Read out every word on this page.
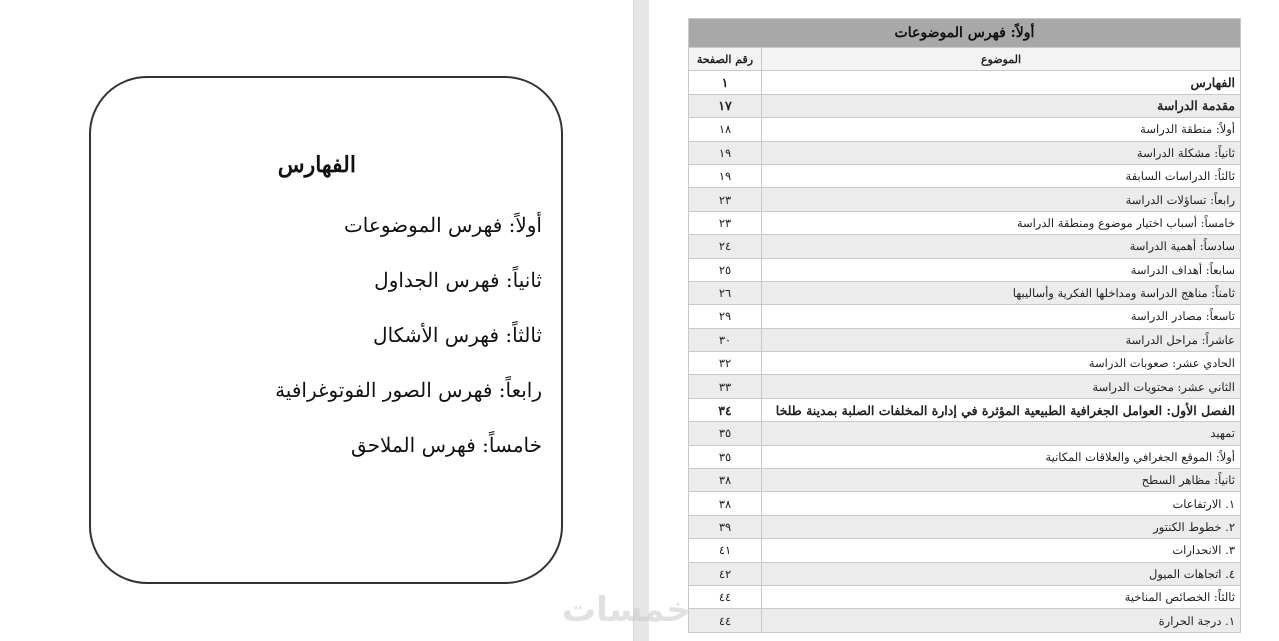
الفهارس
أولاً: فهرس الموضوعات
ثانياً: فهرس الجداول
ثالثاً: فهرس الأشكال
رابعاً: فهرس الصور الفوتوغرافية
خامساً: فهرس الملاحق
أولاً: فهرس الموضوعات	
الموضوع	رقم الصفحة
الفهارس	١
مقدمة الدراسة	١٧
أولاً: منطقة الدراسة	١٨
ثانياً: مشكلة الدراسة	١٩
ثالثاً: الدراسات السابقة	١٩
رابعاً: تساؤلات الدراسة	٢٣
خامساً: أسباب اختيار موضوع ومنطقة الدراسة	٢٣
سادساً: أهمية الدراسة	٢٤
سابعاً: أهداف الدراسة	٢٥
ثامناً: مناهج الدراسة ومداخلها الفكرية وأساليبها	٢٦
تاسعاً: مصادر الدراسة	٢٩
عاشراً: مراحل الدراسة	٣٠
الحادي عشر: صعوبات الدراسة	٣٢
الثاني عشر: محتويات الدراسة	٣٣
الفصل الأول: العوامل الجغرافية الطبيعية المؤثرة في إدارة المخلفات الصلبة بمدينة طلخا	٣٤
تمهيد	٣٥
أولاً: الموقع الجغرافي والعلاقات المكانية	٣٥
ثانياً: مظاهر السطح	٣٨
١. الارتفاعات	٣٨
٢. خطوط الكنتور	٣٩
٣. الانحدارات	٤١
٤. اتجاهات الميول	٤٢
ثالثاً: الخصائص المناخية	٤٤
١. درجة الحرارة	٤٤
خمسات
